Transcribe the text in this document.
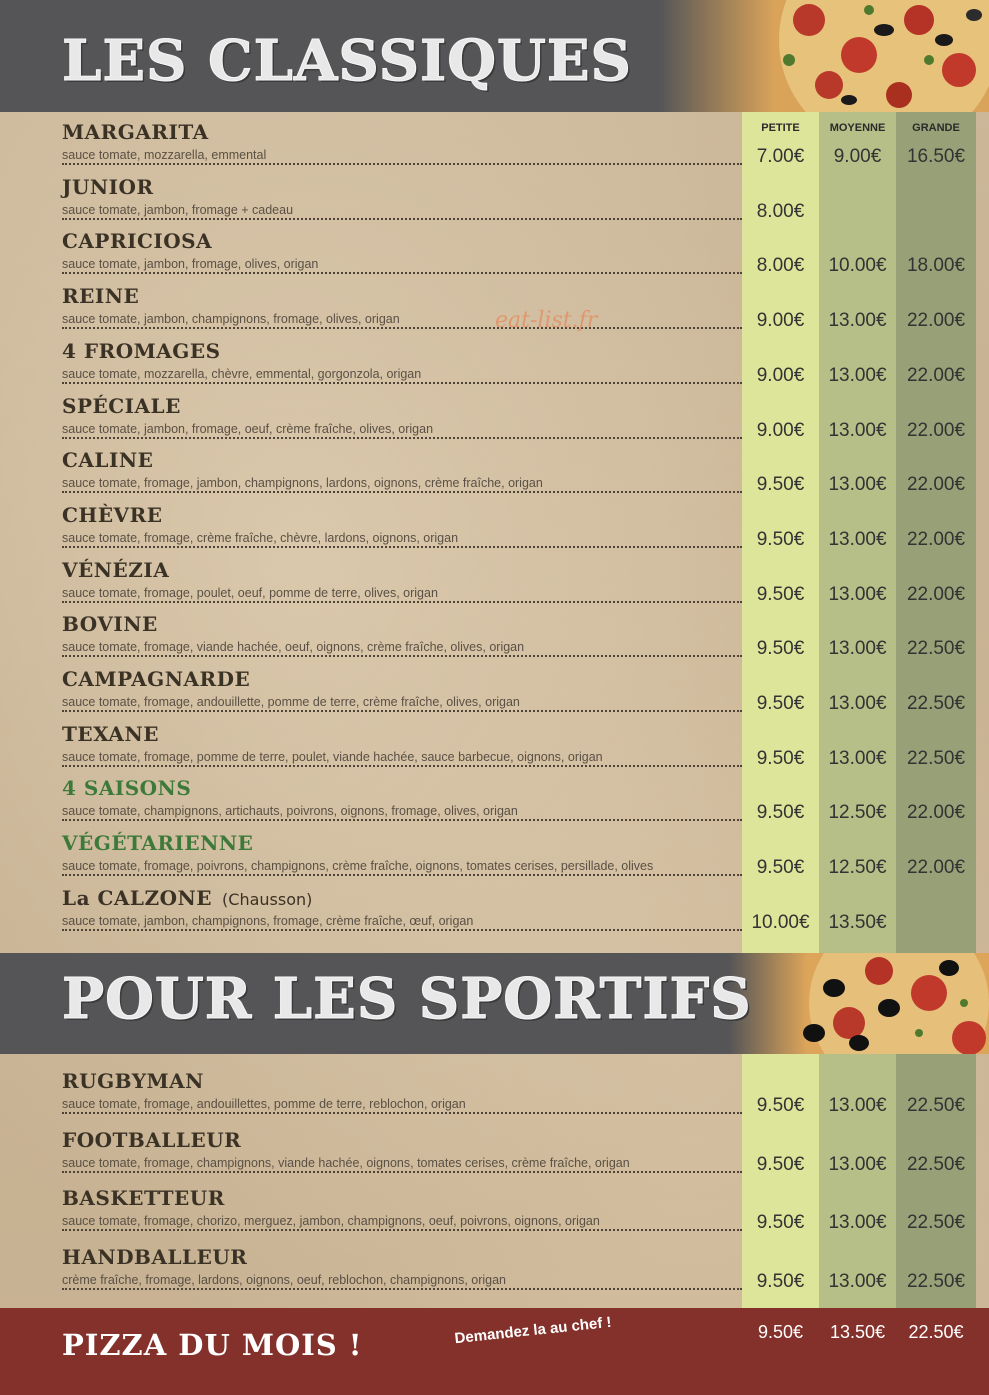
LES CLASSIQUES
PETITE	MOYENNE	GRANDE
MARGARITA
sauce tomate, mozzarella, emmental	7.00€	9.00€	16.50€
JUNIOR
sauce tomate, jambon, fromage + cadeau	8.00€
CAPRICIOSA
sauce tomate, jambon, fromage, olives, origan	8.00€	10.00€	18.00€
REINE
sauce tomate, jambon, champignons, fromage, olives, origan	9.00€	13.00€	22.00€
4 FROMAGES
sauce tomate, mozzarella, chèvre, emmental, gorgonzola, origan	9.00€	13.00€	22.00€
SPÉCIALE
sauce tomate, jambon, fromage, oeuf, crème fraîche, olives, origan	9.00€	13.00€	22.00€
CALINE
sauce tomate, fromage, jambon, champignons, lardons, oignons, crème fraîche, origan	9.50€	13.00€	22.00€
CHÈVRE
sauce tomate, fromage, crème fraîche, chèvre, lardons, oignons, origan	9.50€	13.00€	22.00€
VÉNÉZIA
sauce tomate, fromage, poulet, oeuf, pomme de terre, olives, origan	9.50€	13.00€	22.00€
BOVINE
sauce tomate, fromage, viande hachée, oeuf, oignons, crème fraîche, olives, origan	9.50€	13.00€	22.50€
CAMPAGNARDE
sauce tomate, fromage, andouillette, pomme de terre, crème fraîche, olives, origan	9.50€	13.00€	22.50€
TEXANE
sauce tomate, fromage, pomme de terre, poulet, viande hachée, sauce barbecue, oignons, origan	9.50€	13.00€	22.50€
4 SAISONS
sauce tomate, champignons, artichauts, poivrons, oignons, fromage, olives, origan	9.50€	12.50€	22.00€
VÉGÉTARIENNE
sauce tomate, fromage, poivrons, champignons, crème fraîche, oignons, tomates cerises, persillade, olives	9.50€	12.50€	22.00€
La CALZONE (Chausson)
sauce tomate, jambon, champignons, fromage, crème fraîche, œuf, origan	10.00€ 13.50€
eat-list.fr
POUR LES SPORTIFS
RUGBYMAN
sauce tomate, fromage, andouillettes, pomme de terre, reblochon, origan	9.50€	13.00€	22.50€
FOOTBALLEUR
sauce tomate, fromage, champignons, viande hachée, oignons, tomates cerises, crème fraîche, origan	9.50€	13.00€	22.50€
BASKETTEUR
sauce tomate, fromage, chorizo, merguez, jambon, champignons, oeuf, poivrons, oignons, origan	9.50€	13.00€	22.50€
HANDBALLEUR
crème fraîche, fromage, lardons, oignons, oeuf, reblochon, champignons, origan	9.50€	13.00€	22.50€
PIZZA DU MOIS !	Demandez la au chef !	9.50€	13.50€	22.50€
